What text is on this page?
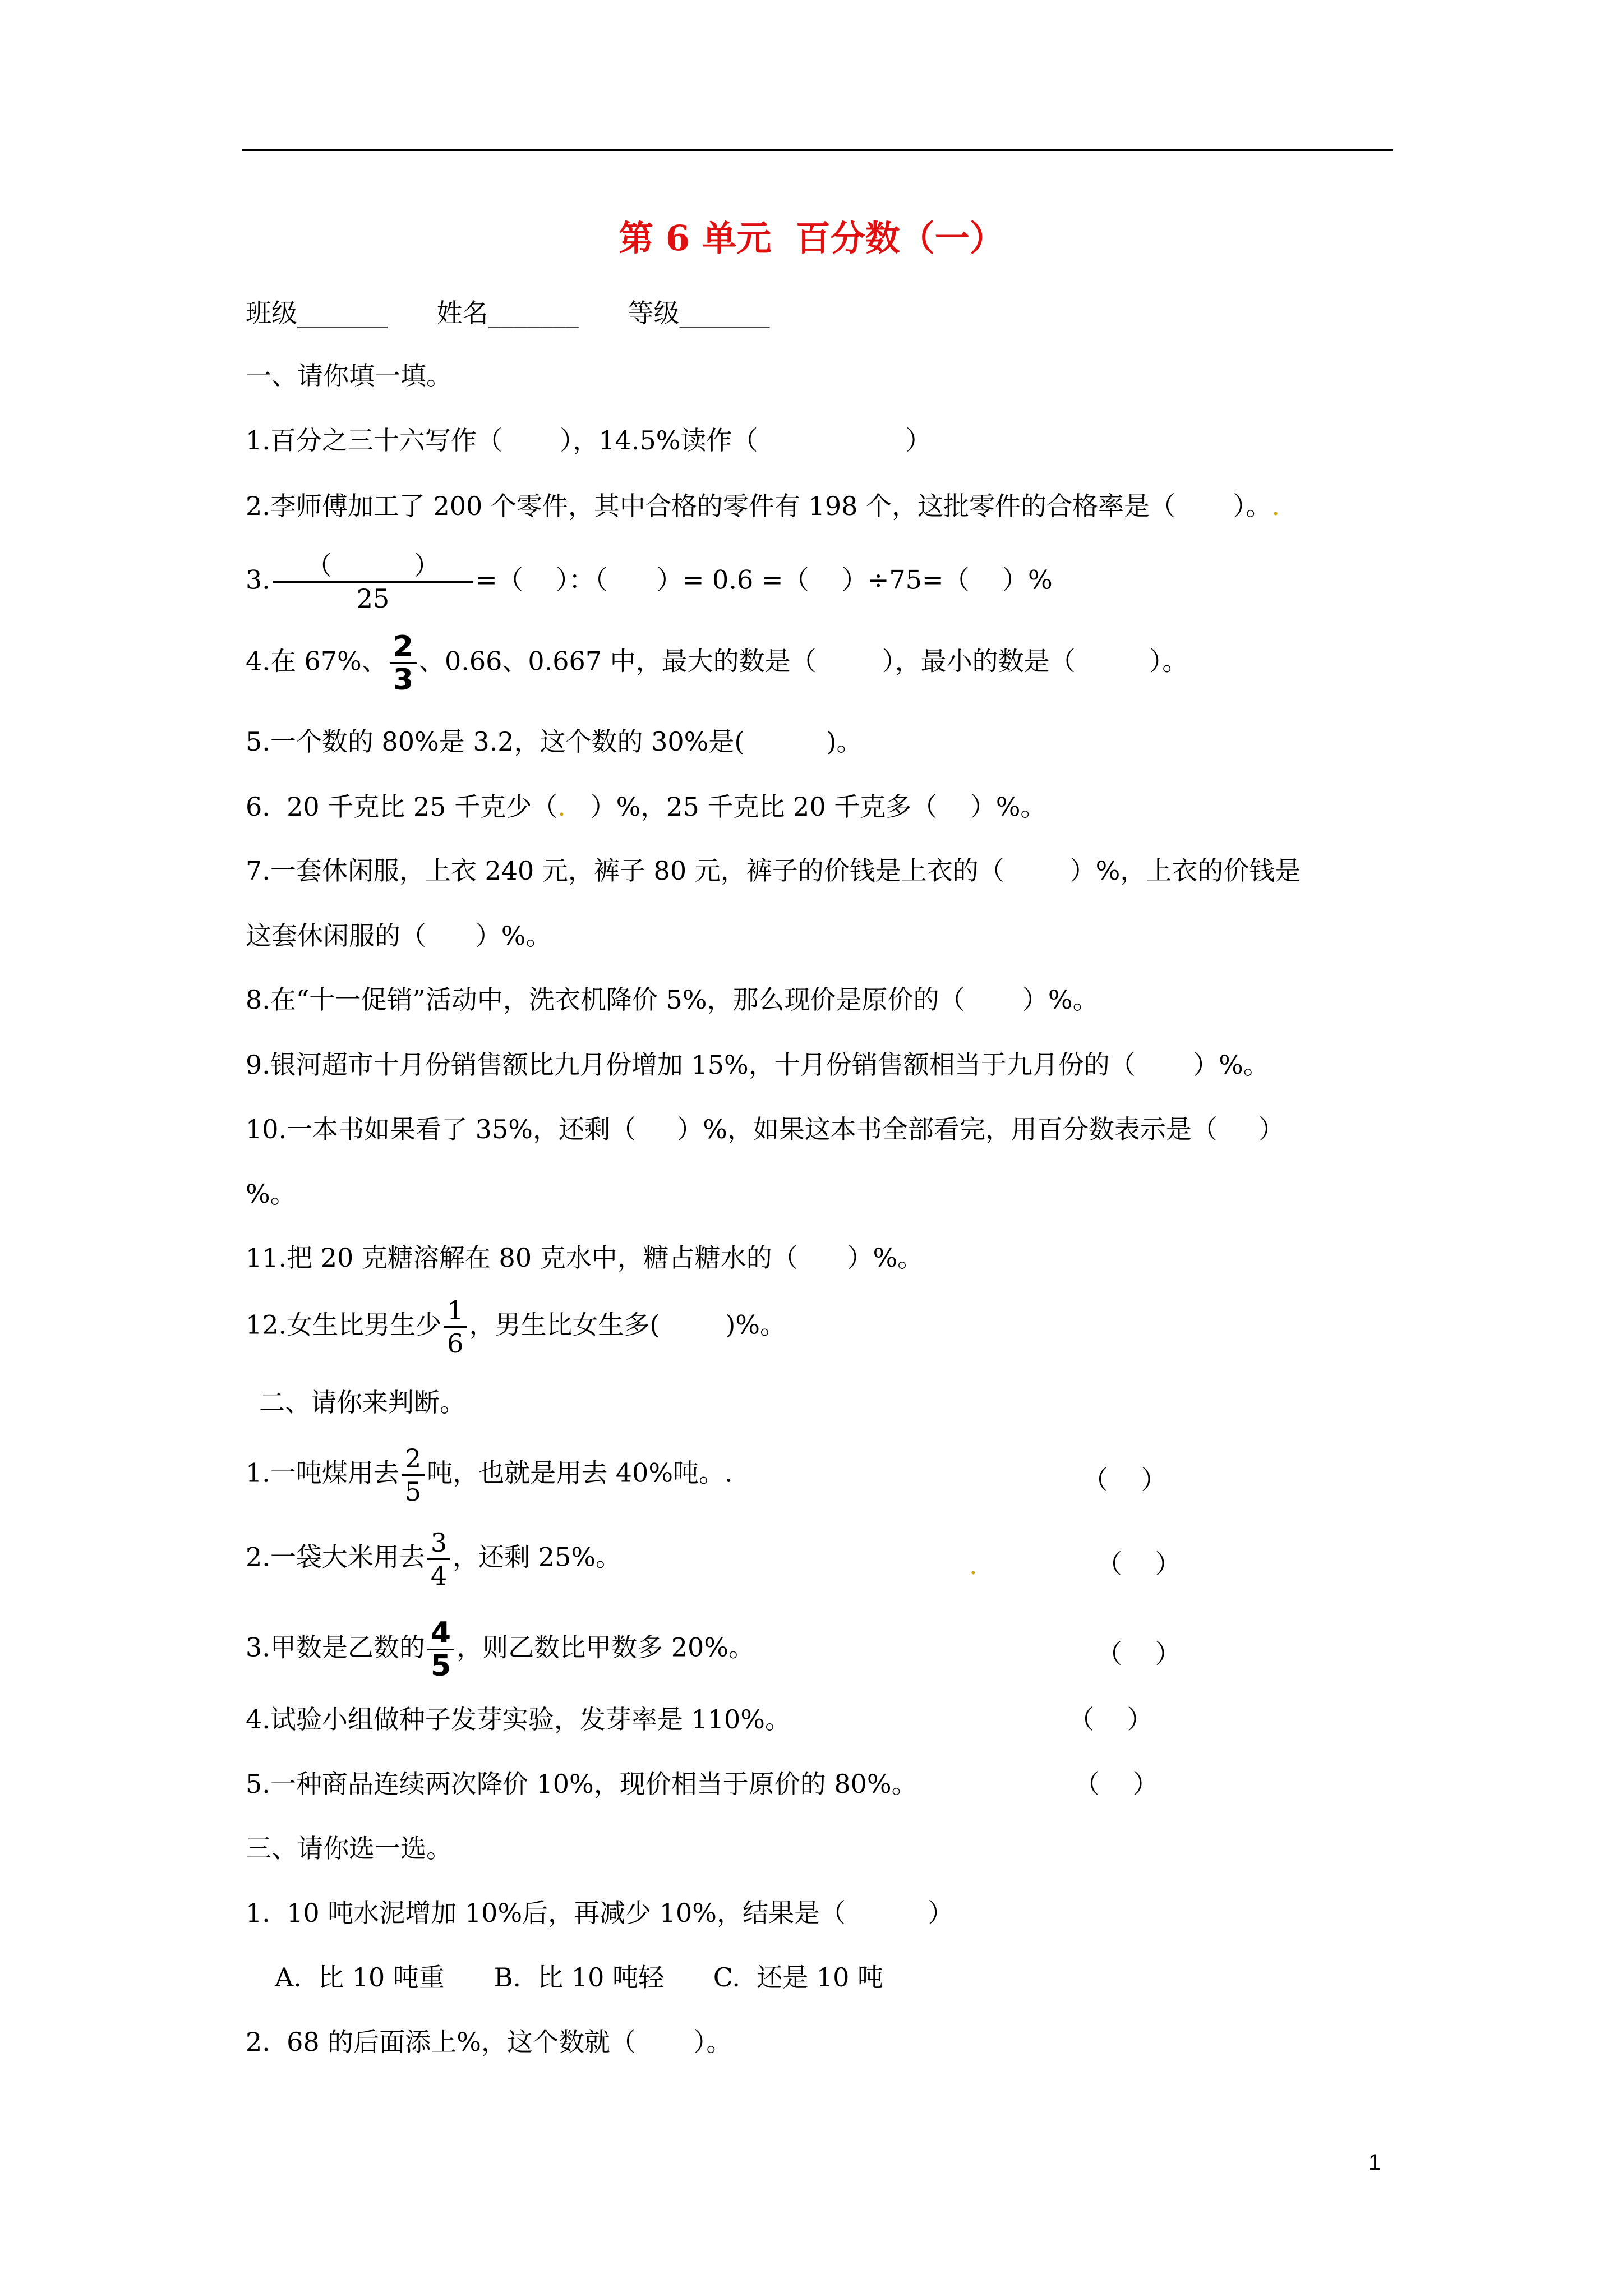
第 6 单元  百分数（一）
班级_______      姓名_______      等级_______
一、请你填一填。
1.百分之三十六写作（       ），14.5%读作（                  ）
2.李师傅加工了 200 个零件，其中合格的零件有 198 个，这批零件的合格率是（       ）。.
3. $\frac{( )}{25}$ =（    ）：（      ）= 0.6 =（    ）÷75=（    ）%
4.在 67%、 $\frac{2}{3}$ 、0.66、0.667 中，最大的数是（        ），最小的数是（         ）。
5.一个数的 80%是 3.2，这个数的 30%是(          )。
6.  20 千克比 25 千克少（.   ）%，25 千克比 20 千克多（    ）%。
7.一套休闲服，上衣 240 元，裤子 80 元，裤子的价钱是上衣的（        ）%，上衣的价钱是
这套休闲服的（      ）%。
8.在“十一促销”活动中，洗衣机降价 5%，那么现价是原价的（       ）%。
9.银河超市十月份销售额比九月份增加 15%，十月份销售额相当于九月份的（       ）%。
10.一本书如果看了 35%，还剩（     ）%，如果这本书全部看完，用百分数表示是（     ）
%。
11.把 20 克糖溶解在 80 克水中，糖占糖水的（      ）%。
12.女生比男生少 $\frac{1}{6}$ ，男生比女生多(        )%。
二、请你来判断。
1.一吨煤用去 $\frac{2}{5}$ 吨，也就是用去 40%吨。.	（    ）
2.一袋大米用去 $\frac{3}{4}$ ，还剩 25%。	.	（    ）
3.甲数是乙数的 $\frac{4}{5}$ ，则乙数比甲数多 20%。	（    ）
4.试验小组做种子发芽实验，发芽率是 110%。	（    ）
5.一种商品连续两次降价 10%，现价相当于原价的 80%。	（    ）
三、请你选一选。
1.  10 吨水泥增加 10%后，再减少 10%，结果是（          ）
A.  比 10 吨重      B.  比 10 吨轻      C.  还是 10 吨
2.  68 的后面添上%，这个数就（       ）。
1
